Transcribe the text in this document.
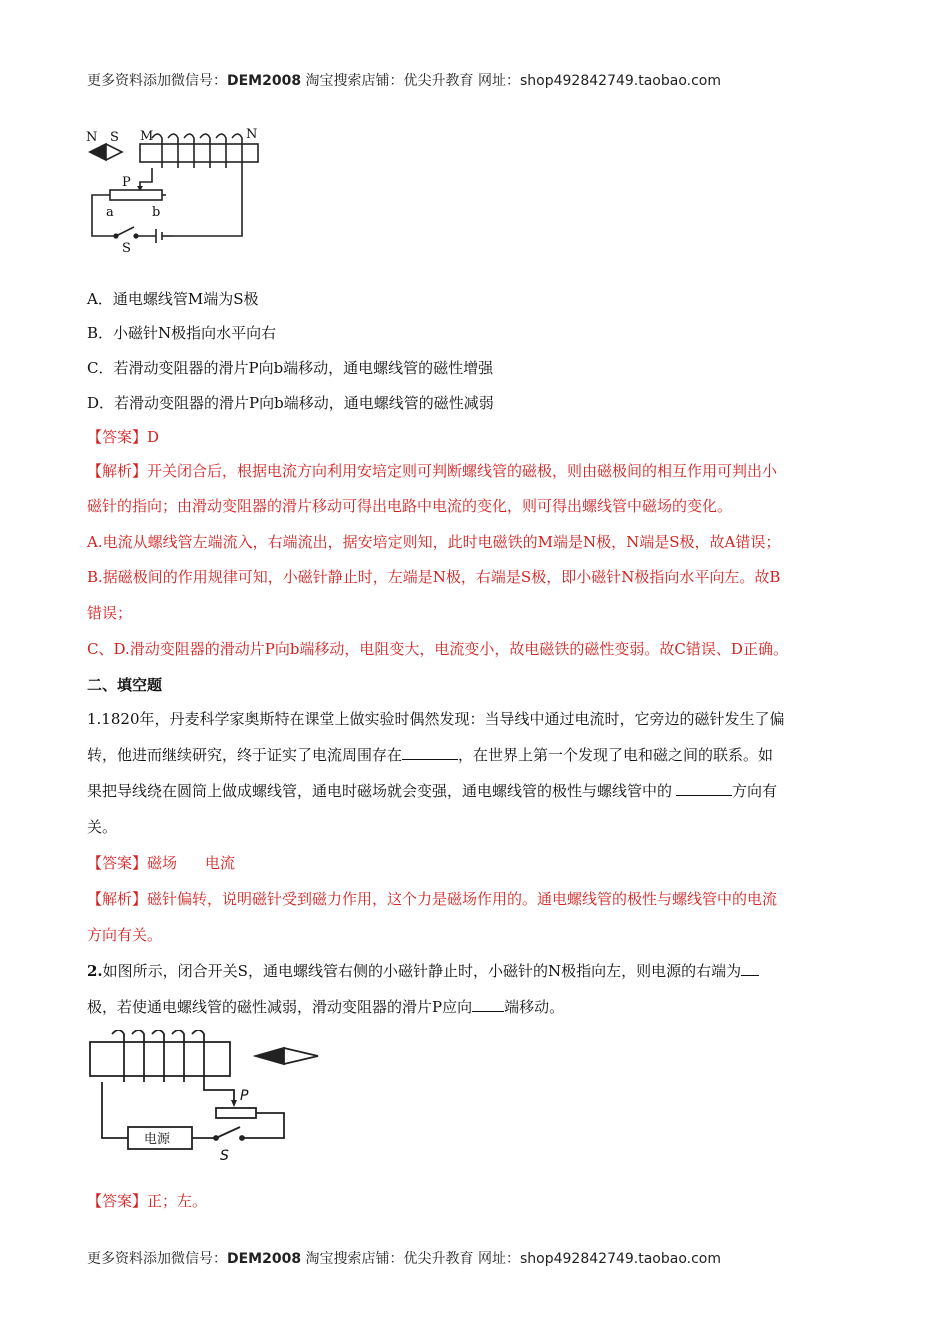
更多资料添加微信号：DEM2008 淘宝搜索店铺：优尖升教育 网址：shop492842749.taobao.com
N S M	N
P
a	b
S
A．通电螺线管M端为S极
B．小磁针N极指向水平向右
C．若滑动变阻器的滑片P向b端移动，通电螺线管的磁性增强
D．若滑动变阻器的滑片P向b端移动，通电螺线管的磁性减弱
【答案】D
【解析】开关闭合后，根据电流方向利用安培定则可判断螺线管的磁极，则由磁极间的相互作用可判出小
磁针的指向；由滑动变阻器的滑片移动可得出电路中电流的变化，则可得出螺线管中磁场的变化。
A.电流从螺线管左端流入，右端流出，据安培定则知，此时电磁铁的M端是N极，N端是S极，故A错误；
B.据磁极间的作用规律可知，小磁针静止时，左端是N极，右端是S极，即小磁针N极指向水平向左。故B
错误；
C、D.滑动变阻器的滑动片P向b端移动，电阻变大，电流变小，故电磁铁的磁性变弱。故C错误、D正确。
二、填空题
1.1820年，丹麦科学家奥斯特在课堂上做实验时偶然发现：当导线中通过电流时，它旁边的磁针发生了偏
转，他进而继续研究，终于证实了电流周围存在	，在世界上第一个发现了电和磁之间的联系。如
果把导线绕在圆筒上做成螺线管，通电时磁场就会变强，通电螺线管的极性与螺线管中的	方向有
关。
【答案】磁场 电流
【解析】磁针偏转，说明磁针受到磁力作用，这个力是磁场作用的。通电螺线管的极性与螺线管中的电流
方向有关。
2.如图所示，闭合开关S，通电螺线管右侧的小磁针静止时，小磁针的N极指向左，则电源的右端为
极，若使通电螺线管的磁性减弱，滑动变阻器的滑片P应向 端移动。
电源
P
S
【答案】正；左。
更多资料添加微信号：DEM2008 淘宝搜索店铺：优尖升教育 网址：shop492842749.taobao.com
